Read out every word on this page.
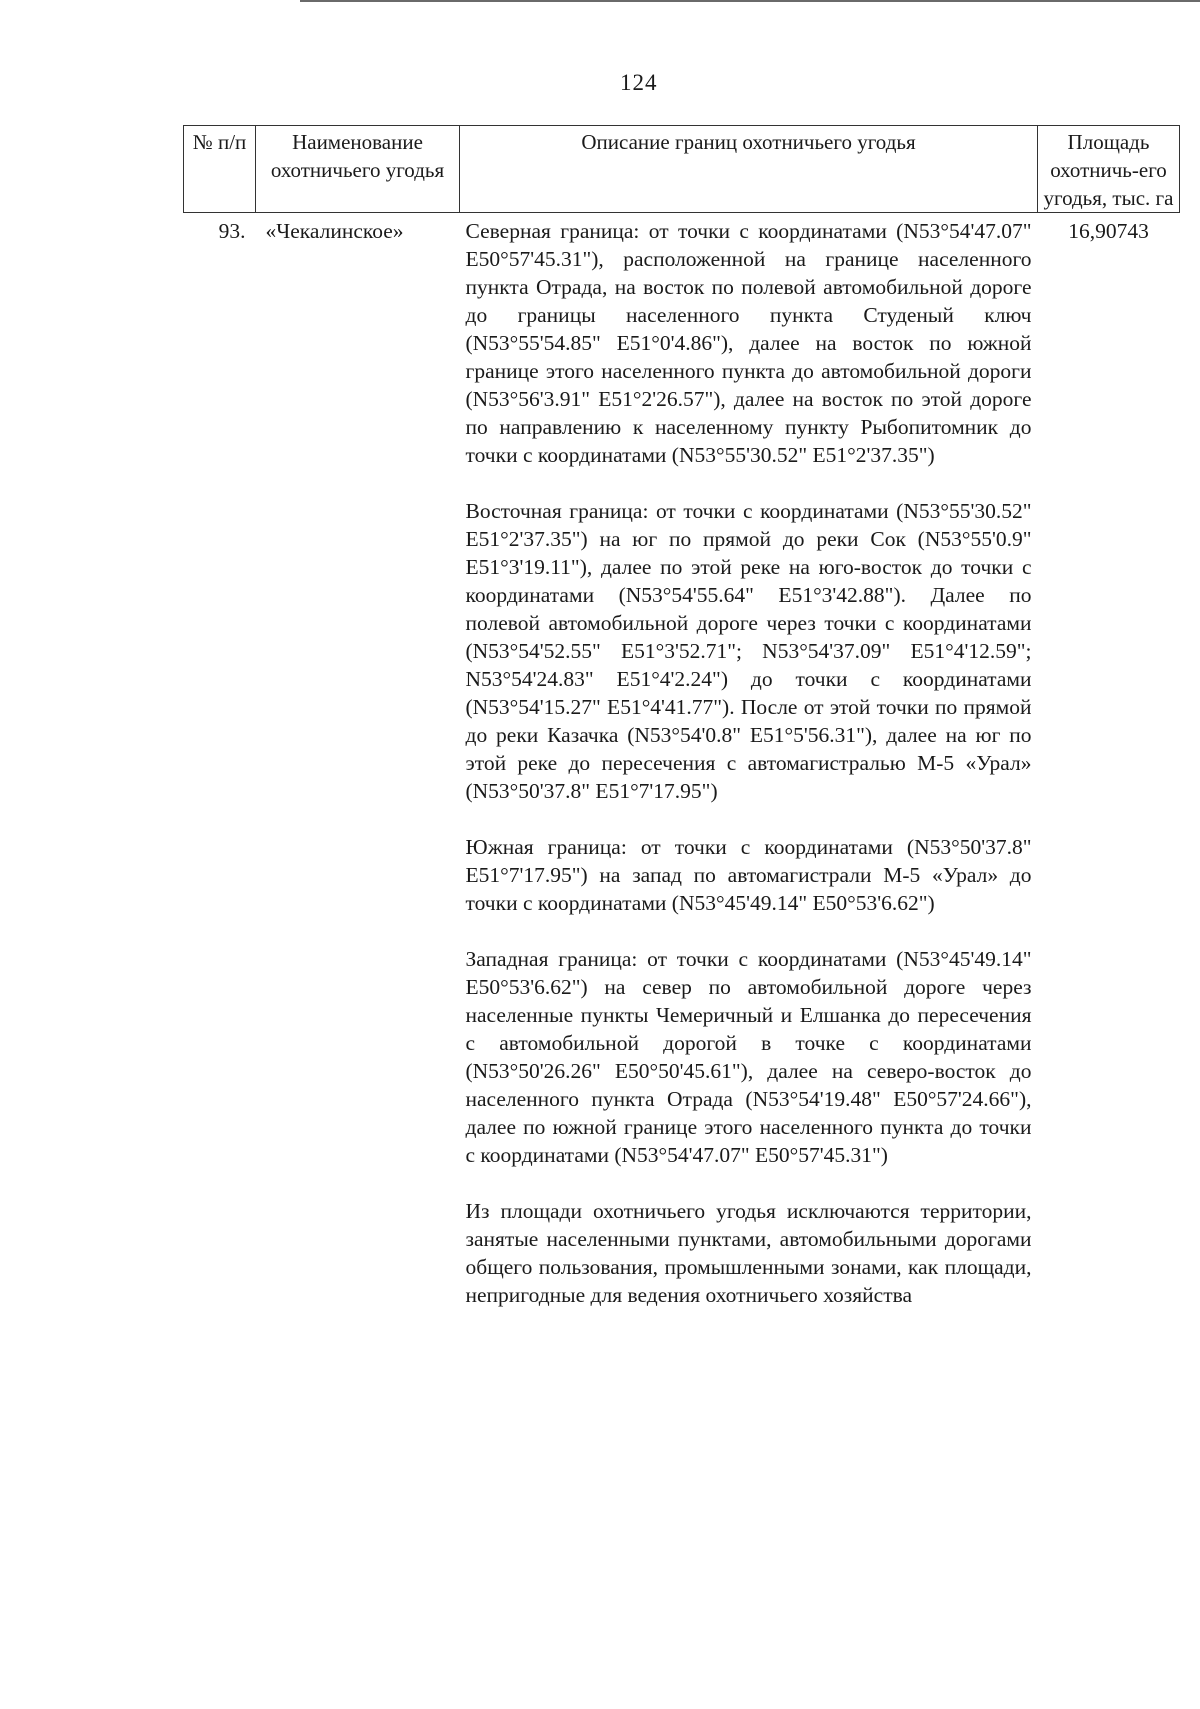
124
№ п/п	Наименование охотничьего угодья	Описание границ охотничьего угодья	Площадь охотничь-его угодья, тыс. га
93.	«Чекалинское»	Северная граница: от точки с координатами (N53°54'47.07" E50°57'45.31"), расположенной на границе населенного пункта Отрада, на восток по полевой автомобильной дороге до границы населенного пункта Студеный ключ (N53°55'54.85" E51°0'4.86"), далее на восток по южной границе этого населенного пункта до автомобильной дороги (N53°56'3.91" E51°2'26.57"), далее на восток по этой дороге по направлению к населенному пункту Рыбопитомник до точки с координатами (N53°55'30.52" E51°2'37.35")

Восточная граница: от точки с координатами (N53°55'30.52" E51°2'37.35") на юг по прямой до реки Сок (N53°55'0.9" E51°3'19.11"), далее по этой реке на юго-восток до точки с координатами (N53°54'55.64" E51°3'42.88"). Далее по полевой автомобильной дороге через точки с координатами (N53°54'52.55" E51°3'52.71"; N53°54'37.09" E51°4'12.59"; N53°54'24.83" E51°4'2.24") до точки с координатами (N53°54'15.27" E51°4'41.77"). После от этой точки по прямой до реки Казачка (N53°54'0.8" E51°5'56.31"), далее на юг по этой реке до пересечения с автомагистралью М-5 «Урал» (N53°50'37.8" E51°7'17.95")

Южная граница: от точки с координатами (N53°50'37.8" E51°7'17.95") на запад по автомагистрали М-5 «Урал» до точки с координатами (N53°45'49.14" E50°53'6.62")

Западная граница: от точки с координатами (N53°45'49.14" E50°53'6.62") на север по автомобильной дороге через населенные пункты Чемеричный и Елшанка до пересечения с автомобильной дорогой в точке с координатами (N53°50'26.26" E50°50'45.61"), далее на северо-восток до населенного пункта Отрада (N53°54'19.48" E50°57'24.66"), далее по южной границе этого населенного пункта до точки с координатами (N53°54'47.07" E50°57'45.31")

Из площади охотничьего угодья исключаются территории, занятые населенными пунктами, автомобильными дорогами общего пользования, промышленными зонами, как площади, непригодные для ведения охотничьего хозяйства	16,90743
